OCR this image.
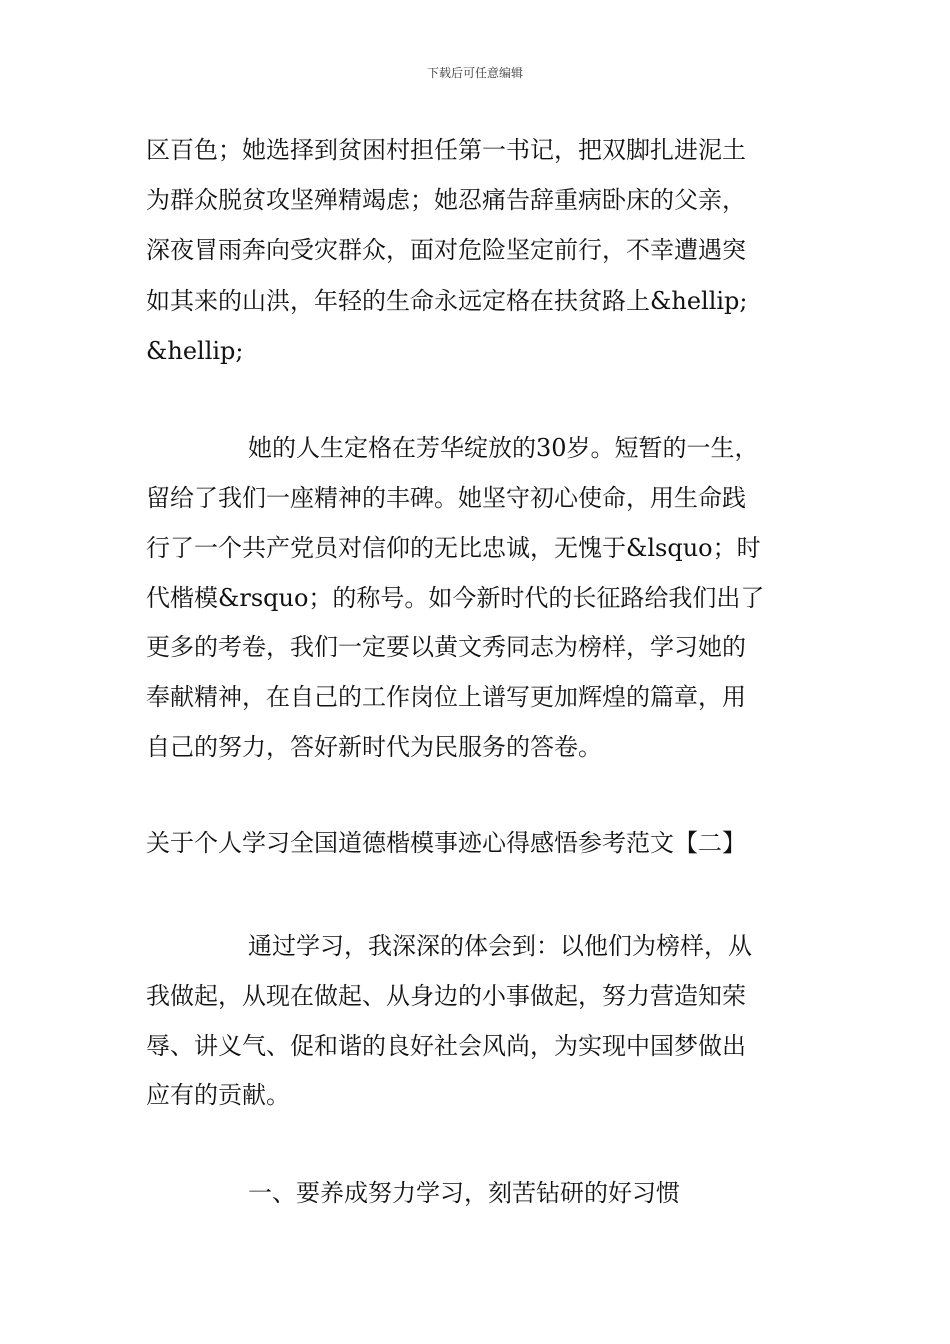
下载后可任意编辑
区百色；她选择到贫困村担任第一书记，把双脚扎进泥土
为群众脱贫攻坚殚精竭虑；她忍痛告辞重病卧床的父亲，
深夜冒雨奔向受灾群众，面对危险坚定前行，不幸遭遇突
如其来的山洪，年轻的生命永远定格在扶贫路上&hellip;
&hellip;
她的人生定格在芳华绽放的30岁。短暂的一生，
留给了我们一座精神的丰碑。她坚守初心使命，用生命践
行了一个共产党员对信仰的无比忠诚，无愧于&lsquo；时
代楷模&rsquo；的称号。如今新时代的长征路给我们出了
更多的考卷，我们一定要以黄文秀同志为榜样，学习她的
奉献精神，在自己的工作岗位上谱写更加辉煌的篇章，用
自己的努力，答好新时代为民服务的答卷。
关于个人学习全国道德楷模事迹心得感悟参考范文【二】
通过学习，我深深的体会到：以他们为榜样，从
我做起，从现在做起、从身边的小事做起，努力营造知荣
辱、讲义气、促和谐的良好社会风尚，为实现中国梦做出
应有的贡献。
一、要养成努力学习，刻苦钻研的好习惯
